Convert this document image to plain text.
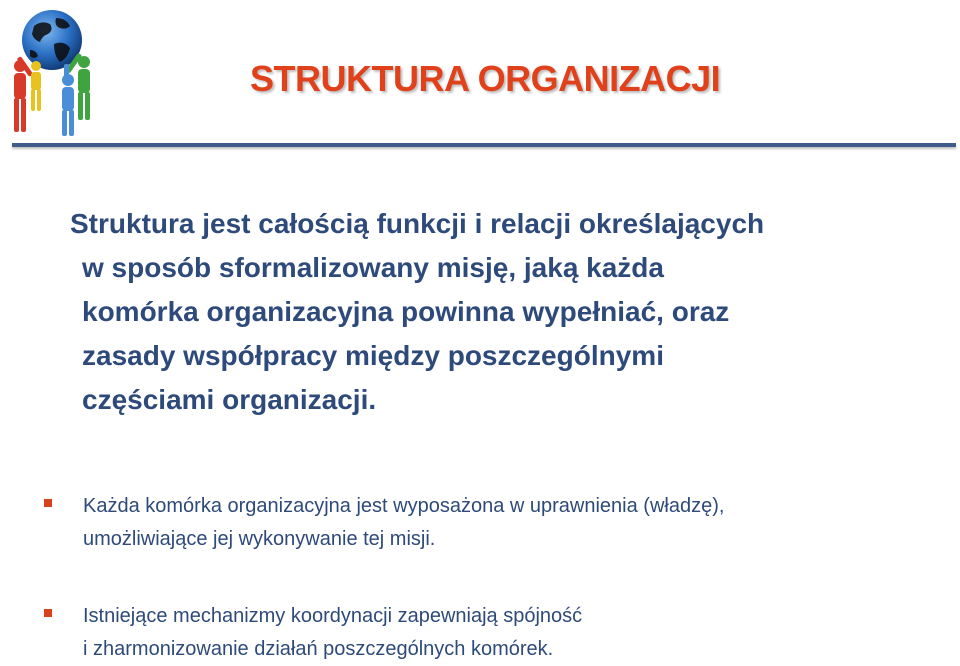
STRUKTURA ORGANIZACJI
Struktura jest całością funkcji i relacji określających
w sposób sformalizowany misję, jaką każda
komórka organizacyjna powinna wypełniać, oraz
zasady współpracy między poszczególnymi
częściami organizacji.
Każda komórka organizacyjna jest wyposażona w uprawnienia (władzę),
umożliwiające jej wykonywanie tej misji.
Istniejące mechanizmy koordynacji zapewniają spójność
i zharmonizowanie działań poszczególnych komórek.
